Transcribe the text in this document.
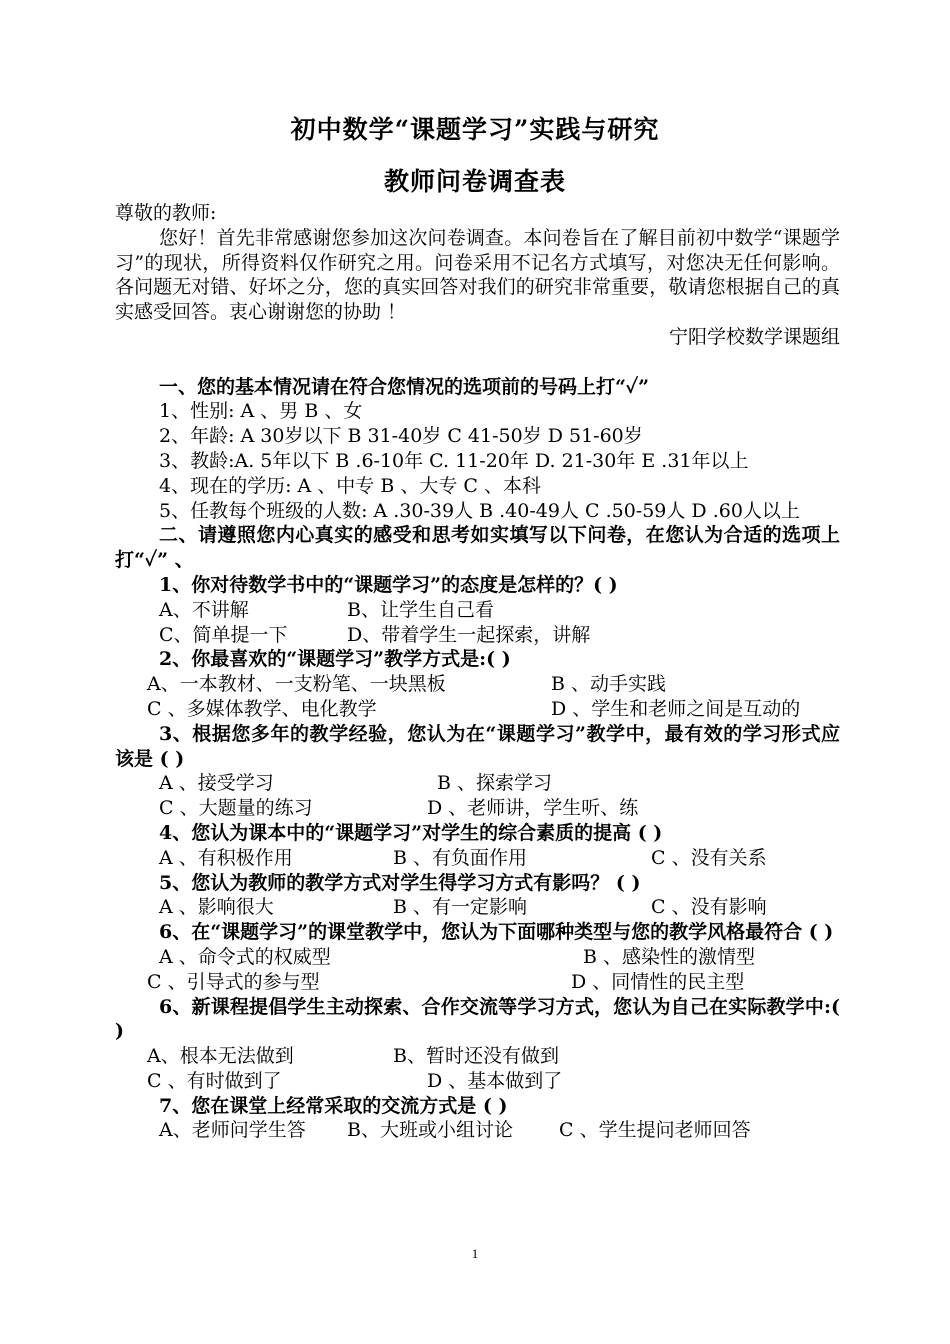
初中数学“课题学习”实践与研究
教师问卷调查表
尊敬的教师:
您好！首先非常感谢您参加这次问卷调查。本问卷旨在了解目前初中数学“课题学习”的现状，所得资料仅作研究之用。问卷采用不记名方式填写，对您决无任何影响。各问题无对错、好坏之分，您的真实回答对我们的研究非常重要，敬请您根据自己的真实感受回答。衷心谢谢您的协助 ！
宁阳学校数学课题组
一、您的基本情况请在符合您情况的选项前的号码上打“✓”
1、性别: A 、男 B 、女
2、年龄: A 30岁以下 B 31-40岁 C 41-50岁 D 51-60岁
3、教龄:A. 5年以下 B .6-10年 C. 11-20年 D. 21-30年 E .31年以上
4、现在的学历: A 、中专 B 、大专 C 、本科
5、任教每个班级的人数: A .30-39人 B .40-49人 C .50-59人 D .60人以上
二、请遵照您内心真实的感受和思考如实填写以下问卷，在您认为合适的选项上打“✓” 、
1、你对待数学书中的“课题学习”的态度是怎样的？( )
A、不讲解	B、让学生自己看
C、简单提一下	D、带着学生一起探索，讲解
2、你最喜欢的“课题学习”教学方式是:( )
A、一本教材、一支粉笔、一块黑板	B 、动手实践
C 、多媒体教学、电化教学	D 、学生和老师之间是互动的
3、根据您多年的教学经验，您认为在“课题学习”教学中，最有效的学习形式应该是 ( )
A 、接受学习	B 、探索学习
C 、大题量的练习	D 、老师讲，学生听、练
4、您认为课本中的“课题学习”对学生的综合素质的提高 ( )
A 、有积极作用	B 、有负面作用	C 、没有关系
5、您认为教师的教学方式对学生得学习方式有影吗？ ( )
A 、影响很大	B 、有一定影响	C 、没有影响
6、在“课题学习”的课堂教学中，您认为下面哪种类型与您的教学风格最符合 ( )
A 、命令式的权威型	B 、感染性的激情型
C 、引导式的参与型	D 、同情性的民主型
6、新课程提倡学生主动探索、合作交流等学习方式，您认为自己在实际教学中:( )
A、根本无法做到	B、暂时还没有做到
C 、有时做到了	D 、基本做到了
7、您在课堂上经常采取的交流方式是 ( )
A、老师问学生答	B、大班或小组讨论	C 、学生提问老师回答
1
